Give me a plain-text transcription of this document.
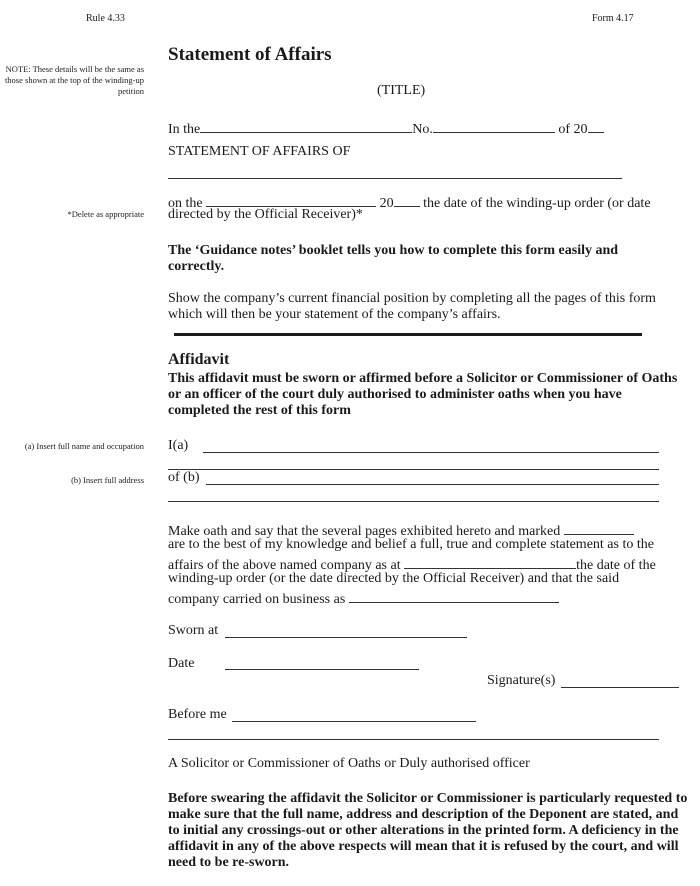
Rule 4.33	Form 4.17
NOTE: These details will be the same as those shown at the top of the winding-up petition
*Delete as appropriate
(a) Insert full name and occupation
(b) Insert full address
Statement of Affairs
(TITLE)
In the	No.	of 20
STATEMENT OF AFFAIRS OF
on the	20 the date of the winding-up order (or date
directed by the Official Receiver)*
The ‘Guidance notes’ booklet tells you how to complete this form easily and correctly.
Show the company’s current financial position by completing all the pages of this form which will then be your statement of the company’s affairs.
Affidavit
This affidavit must be sworn or affirmed before a Solicitor or Commissioner of Oaths or an officer of the court duly authorised to administer oaths when you have completed the rest of this form
I(a)
of (b)
Make oath and say that the several pages exhibited hereto and marked
are to the best of my knowledge and belief a full, true and complete statement as to the
affairs of the above named company as at	the date of the
winding-up order (or the date directed by the Official Receiver) and that the said
company carried on business as
Sworn at
Date
Signature(s)
Before me
A Solicitor or Commissioner of Oaths or Duly authorised officer
Before swearing the affidavit the Solicitor or Commissioner is particularly requested to make sure that the full name, address and description of the Deponent are stated, and to initial any crossings-out or other alterations in the printed form. A deficiency in the affidavit in any of the above respects will mean that it is refused by the court, and will need to be re-sworn.
